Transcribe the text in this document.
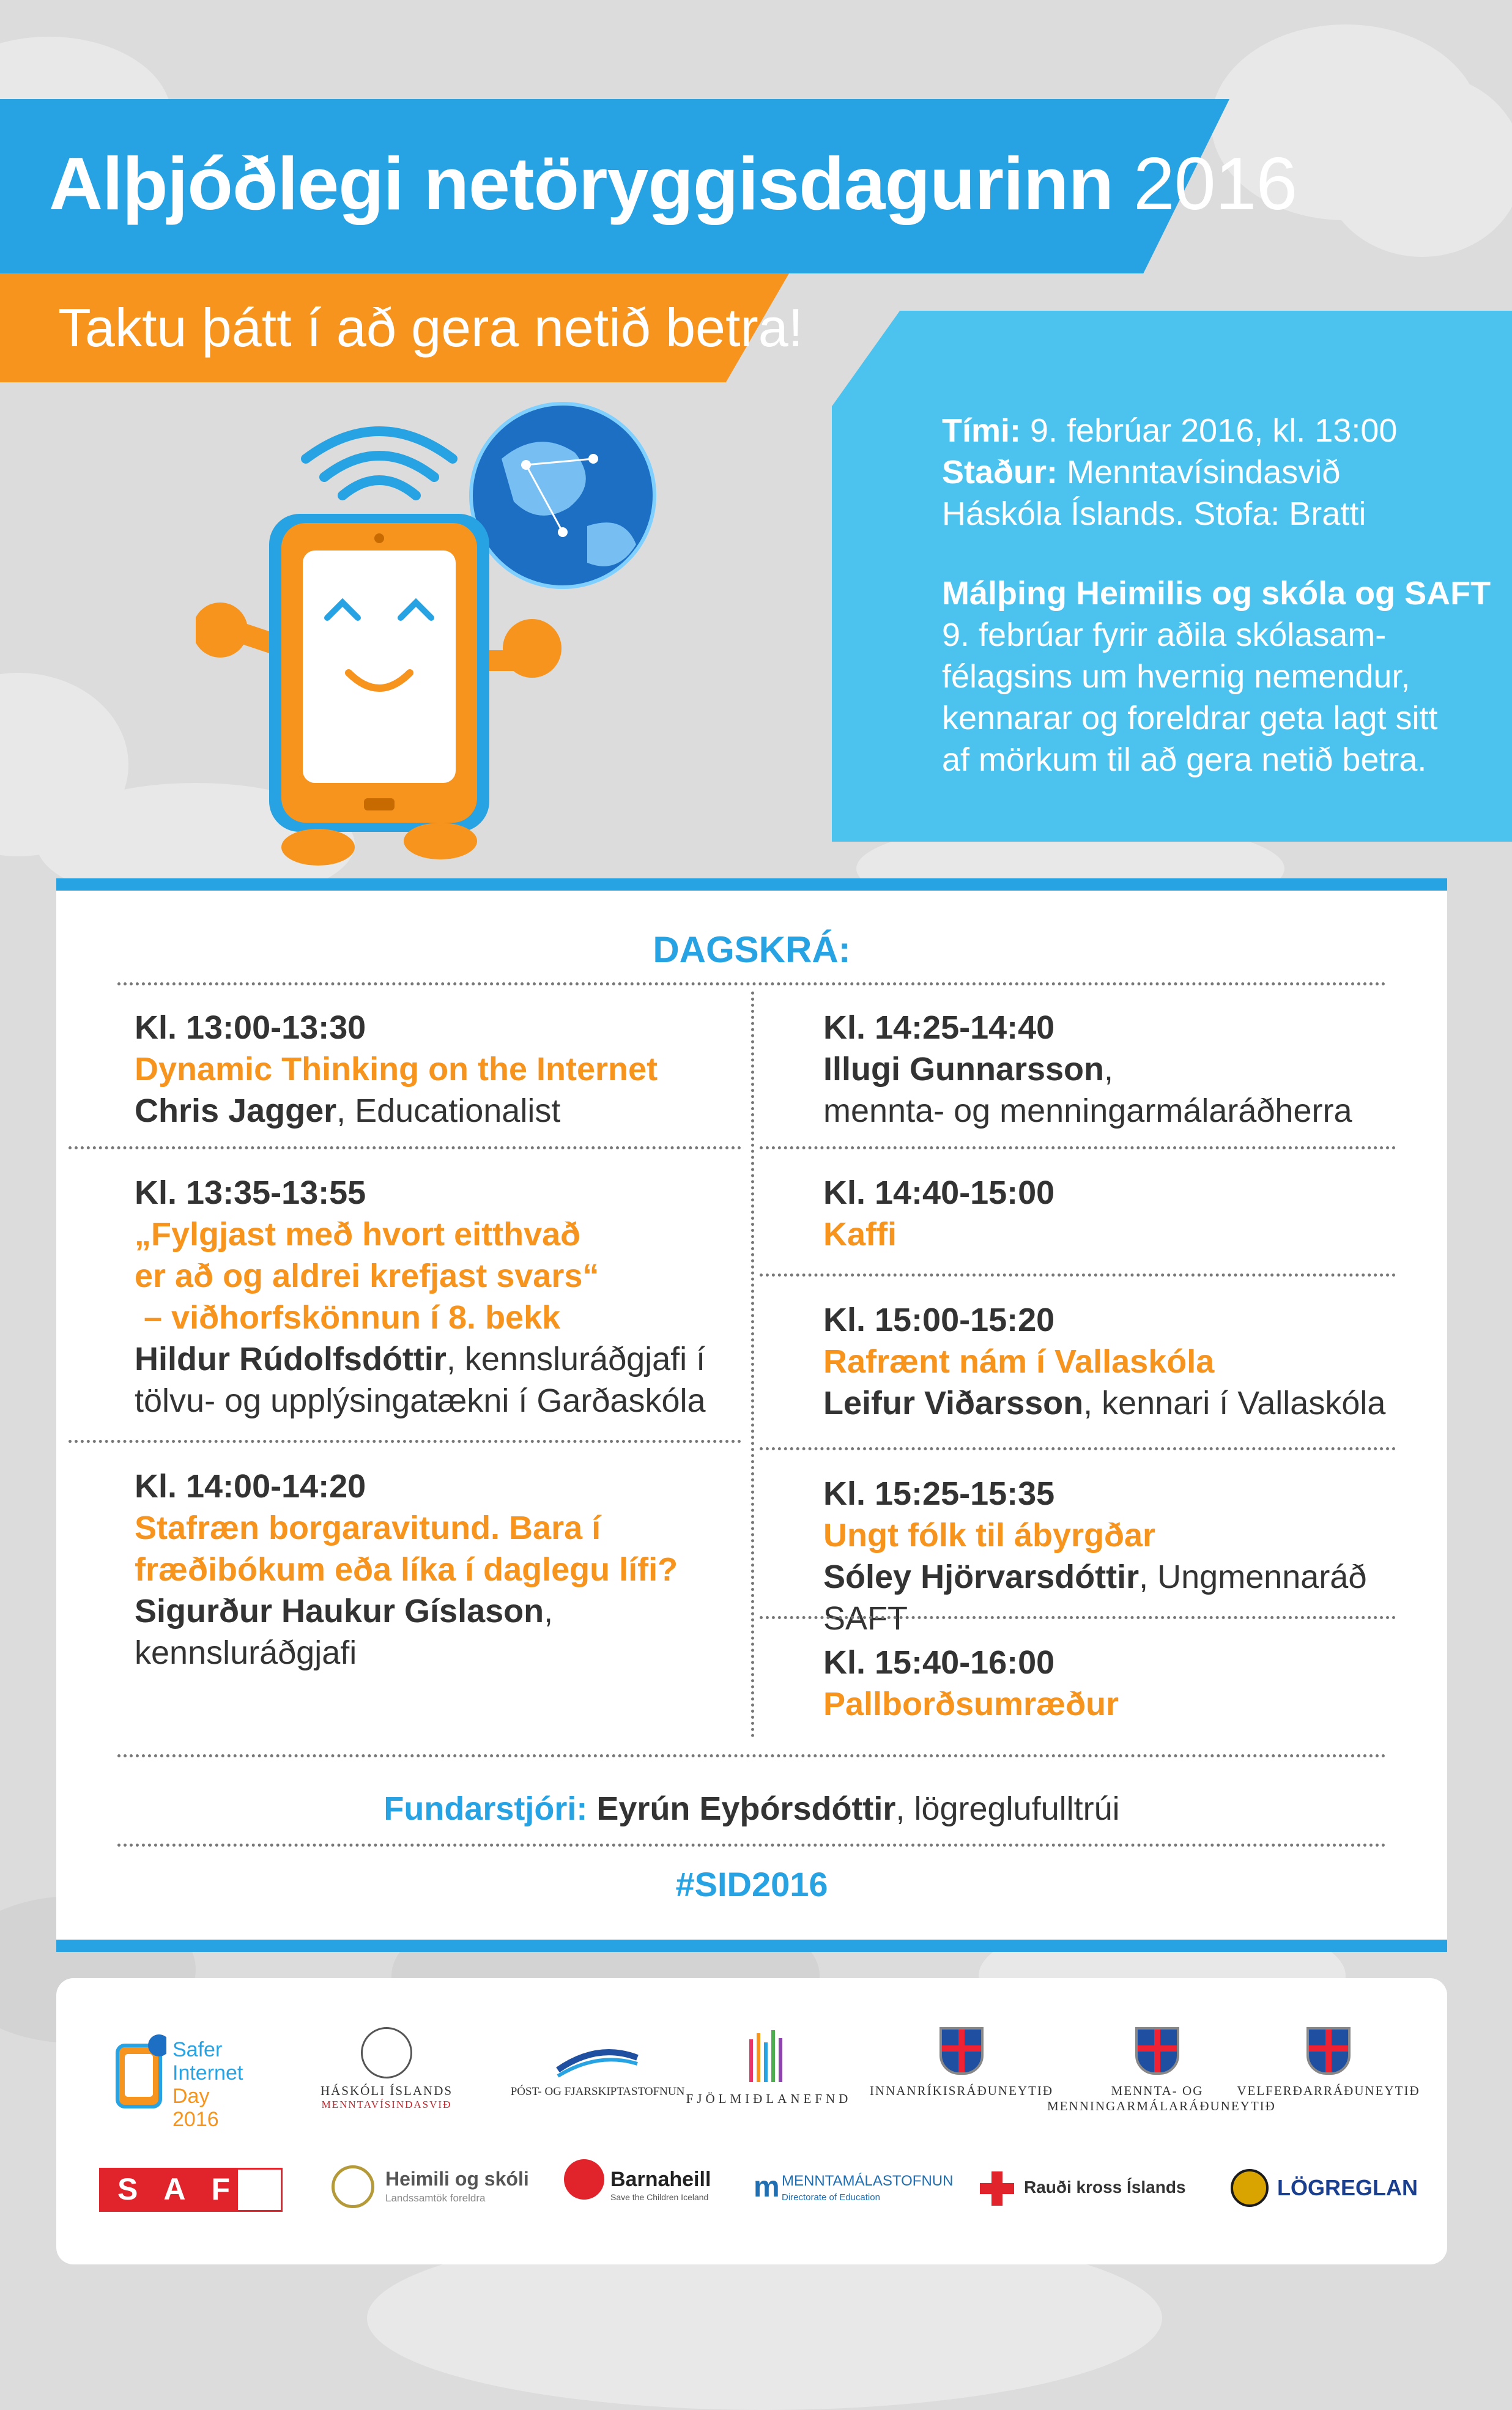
Alþjóðlegi netöryggisdagurinn 2016
Taktu þátt í að gera netið betra!
Tími: 9. febrúar 2016, kl. 13:00
Staður: Menntavísindasvið
Háskóla Íslands. Stofa: Bratti
Málþing Heimilis og skóla og SAFT
9. febrúar fyrir aðila skólasam-
félagsins um hvernig nemendur,
kennarar og foreldrar geta lagt sitt
af mörkum til að gera netið betra.
DAGSKRÁ:
Kl. 13:00-13:30
Dynamic Thinking on the Internet
Chris Jagger, Educationalist
Kl. 13:35-13:55
„Fylgjast með hvort eitthvað
er að og aldrei krefjast svars“
– viðhorfskönnun í 8. bekk
Hildur Rúdolfsdóttir, kennsluráðgjafi í
tölvu- og upplýsingatækni í Garðaskóla
Kl. 14:00-14:20
Stafræn borgaravitund. Bara í
fræðibókum eða líka í daglegu lífi?
Sigurður Haukur Gíslason,
kennsluráðgjafi
Kl. 14:25-14:40
Illugi Gunnarsson,
mennta- og menningarmálaráðherra
Kl. 14:40-15:00
Kaffi
Kl. 15:00-15:20
Rafrænt nám í Vallaskóla
Leifur Viðarsson, kennari í Vallaskóla
Kl. 15:25-15:35
Ungt fólk til ábyrgðar
Sóley Hjörvarsdóttir, Ungmennaráð SAFT
Kl. 15:40-16:00
Pallborðsumræður
Fundarstjóri: Eyrún Eyþórsdóttir, lögreglufulltrúi
#SID2016
Safer
Internet
Day 2016
HÁSKÓLI ÍSLANDS
MENNTAVÍSINDASVIÐ
PÓST- OG FJARSKIPTASTOFNUN FJÖLMIÐLANEFND
INNANRÍKISRÁÐUNEYTIÐ	MENNTA- OG
MENNINGARMÁLARÁÐUNEYTIÐ
VELFERÐARRÁÐUNEYTIÐ
SAFT	Heimili og skóli
Landssamtök foreldra
Barnaheill
Save the Children Iceland m MENNTAMÁLASTOFNUN
Directorate of Education
Rauði kross Íslands	LÖGREGLAN
